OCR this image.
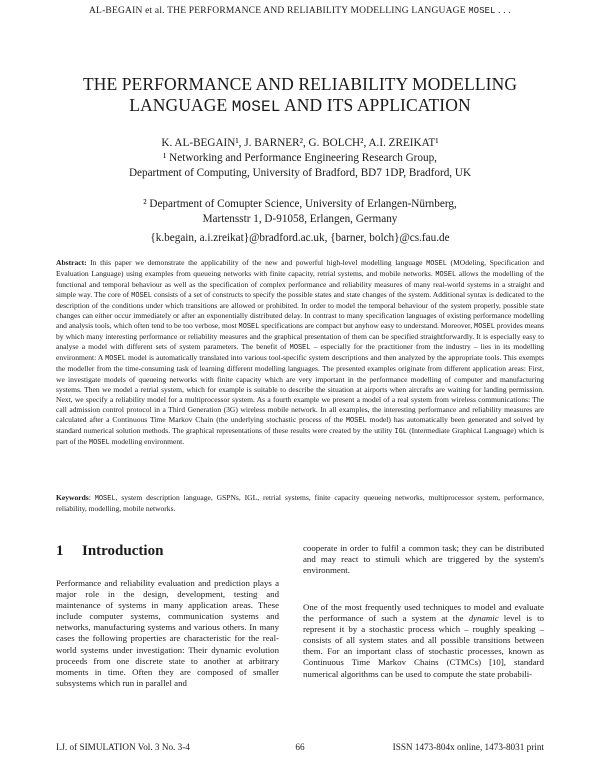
AL-BEGAIN et al. THE PERFORMANCE AND RELIABILITY MODELLING LANGUAGE MOSEL . . .
THE PERFORMANCE AND RELIABILITY MODELLING
LANGUAGE MOSEL AND ITS APPLICATION
K. AL-BEGAIN¹, J. BARNER², G. BOLCH², A.I. ZREIKAT¹
¹ Networking and Performance Engineering Research Group,
Department of Computing, University of Bradford, BD7 1DP, Bradford, UK
² Department of Comupter Science, University of Erlangen-Nürnberg,
Martensstr 1, D-91058, Erlangen, Germany
{k.begain, a.i.zreikat}@bradford.ac.uk, {barner, bolch}@cs.fau.de
Abstract: In this paper we demonstrate the applicability of the new and powerful high-level modelling language MOSEL (MOdeling, Specification and Evaluation Language) using examples from queueing networks with finite capacity, retrial systems, and mobile networks. MOSEL allows the modelling of the functional and temporal behaviour as well as the specification of complex performance and reliability measures of many real-world systems in a straight and simple way. The core of MOSEL consists of a set of constructs to specify the possible states and state changes of the system. Additional syntax is dedicated to the description of the conditions under which transitions are allowed or prohibited. In order to model the temporal behaviour of the system properly, possible state changes can either occur immediately or after an exponentially distributed delay. In contrast to many specification languages of existing performance modelling and analysis tools, which often tend to be too verbose, most MOSEL specifications are compact but anyhow easy to understand. Moreover, MOSEL provides means by which many interesting performance or reliability measures and the graphical presentation of them can be specified straightforwardly. It is especially easy to analyse a model with different sets of system parameters. The benefit of MOSEL – especially for the practitioner from the industry – lies in its modelling environment: A MOSEL model is automatically translated into various tool-specific system descriptions and then analyzed by the appropriate tools. This exempts the modeller from the time-consuming task of learning different modelling languages. The presented examples originate from different application areas: First, we investigate models of queueing networks with finite capacity which are very important in the performance modelling of computer and manufacturing systems. Then we model a retrial system, which for example is suitable to describe the situation at airports when aircrafts are waiting for landing permission. Next, we specify a reliability model for a multiprocessor system. As a fourth example we present a model of a real system from wireless communications: The call admission control protocol in a Third Generation (3G) wireless mobile network. In all examples, the interesting performance and reliability measures are calculated after a Continuous Time Markov Chain (the underlying stochastic process of the MOSEL model) has automatically been generated and solved by standard numerical solution methods. The graphical representations of these results were created by the utility IGL (Intermediate Graphical Language) which is part of the MOSEL modelling environment.
Keywords: MOSEL, system description language, GSPNs, IGL, retrial systems, finite capacity queueing networks, multiprocessor system, performance, reliability, modelling, mobile networks.
1 Introduction

Performance and reliability evaluation and prediction plays a major role in the design, development, testing and maintenance of systems in many application areas. These include computer systems, communication systems and networks, manufacturing systems and various others. In many cases the following properties are characteristic for the real-world systems under investigation: Their dynamic evolution proceeds from one discrete state to another at arbitrary moments in time. Often they are composed of smaller subsystems which run in parallel and

cooperate in order to fulfil a common task; they can be distributed and may react to stimuli which are triggered by the system's environment.

One of the most frequently used techniques to model and evaluate the performance of such a system at the dynamic level is to represent it by a stochastic process which – roughly speaking – consists of all system states and all possible transitions between them. For an important class of stochastic processes, known as Continuous Time Markov Chains (CTMCs) [10], standard numerical algorithms can be used to compute the state probabili-

I.J. of SIMULATION Vol. 3 No. 3-4	66	ISSN 1473-804x online, 1473-8031 print
